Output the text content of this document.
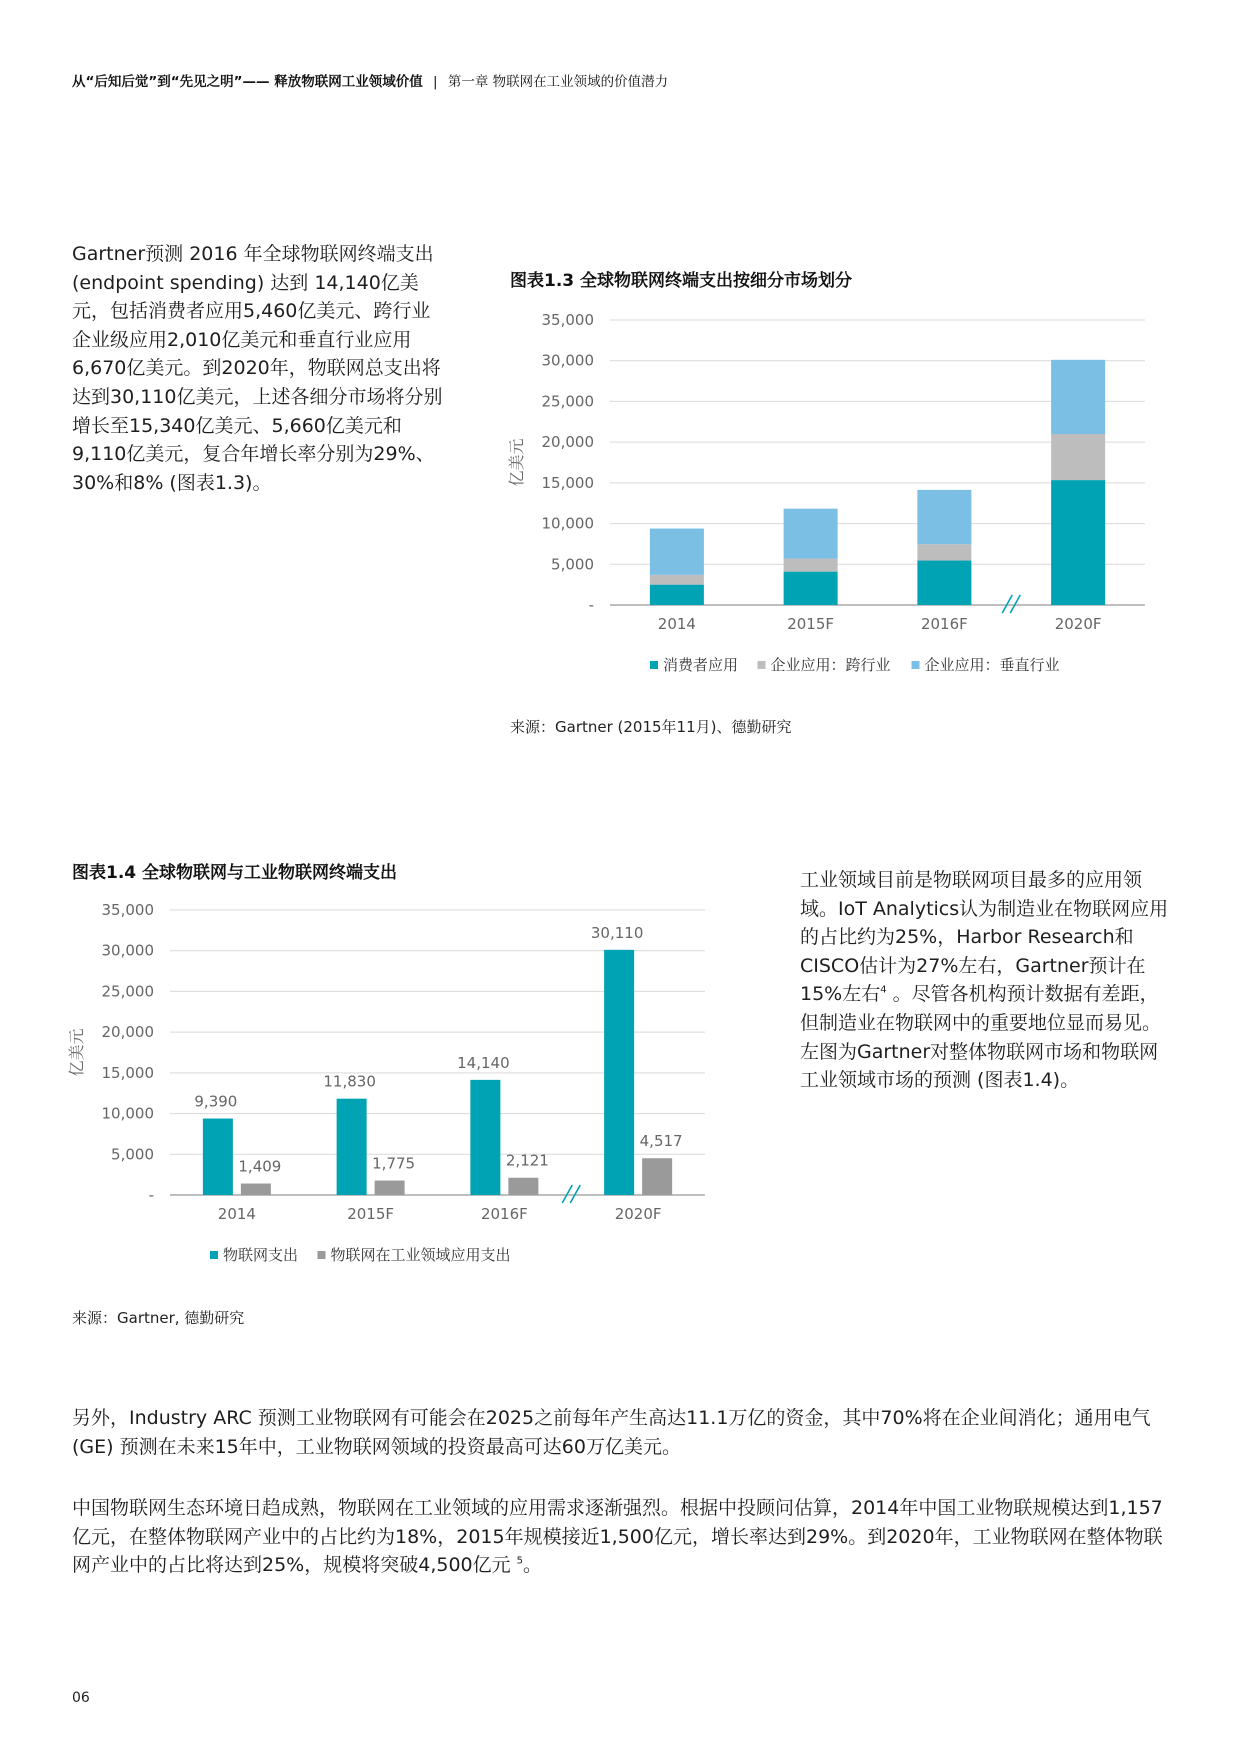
从“后知后觉”到“先见之明”—— 释放物联网工业领域价值 | 第一章 物联网在工业领域的价值潜力

Gartner预测 2016 年全球物联网终端支出 (endpoint spending) 达到 14,140亿美元，包括消费者应用5,460亿美元、跨行业企业级应用2,010亿美元和垂直行业应用6,670亿美元。到2020年，物联网总支出将达到30,110亿美元，上述各细分市场将分别增长至15,340亿美元、5,660亿美元和9,110亿美元，复合年增长率分别为29%、30%和8% (图表1.3)。

图表1.3 全球物联网终端支出按细分市场划分
-
5,000
10,000
15,000
20,000
25,000
30,000
35,000
亿美元
2014	2015F	2016F	2020F
消费者应用 企业应用：跨行业 企业应用：垂直行业
来源：Gartner (2015年11月)、德勤研究
图表1.4 全球物联网与工业物联网终端支出
-
5,000
10,000
15,000
20,000
25,000
30,000
35,000
亿美元
9,390
1,409
2014
11,830
1,775
2015F
14,140
2,121
2016F
30,110
4,517
2020F
物联网支出 物联网在工业领域应用支出
来源：Gartner, 德勤研究

工业领域目前是物联网项目最多的应用领域。IoT Analytics认为制造业在物联网应用的占比约为25%，Harbor Research和CISCO估计为27%左右，Gartner预计在15%左右$^4$ 。尽管各机构预计数据有差距，但制造业在物联网中的重要地位显而易见。左图为Gartner对整体物联网市场和物联网工业领域市场的预测 (图表1.4)。

另外，Industry ARC 预测工业物联网有可能会在2025之前每年产生高达11.1万亿的资金，其中70%将在企业间消化；通用电气 (GE) 预测在未来15年中，工业物联网领域的投资最高可达60万亿美元。

中国物联网生态环境日趋成熟，物联网在工业领域的应用需求逐渐强烈。根据中投顾问估算，2014年中国工业物联规模达到1,157亿元，在整体物联网产业中的占比约为18%，2015年规模接近1,500亿元，增长率达到29%。到2020年，工业物联网在整体物联网产业中的占比将达到25%，规模将突破4,500亿元 $^5$。

06
